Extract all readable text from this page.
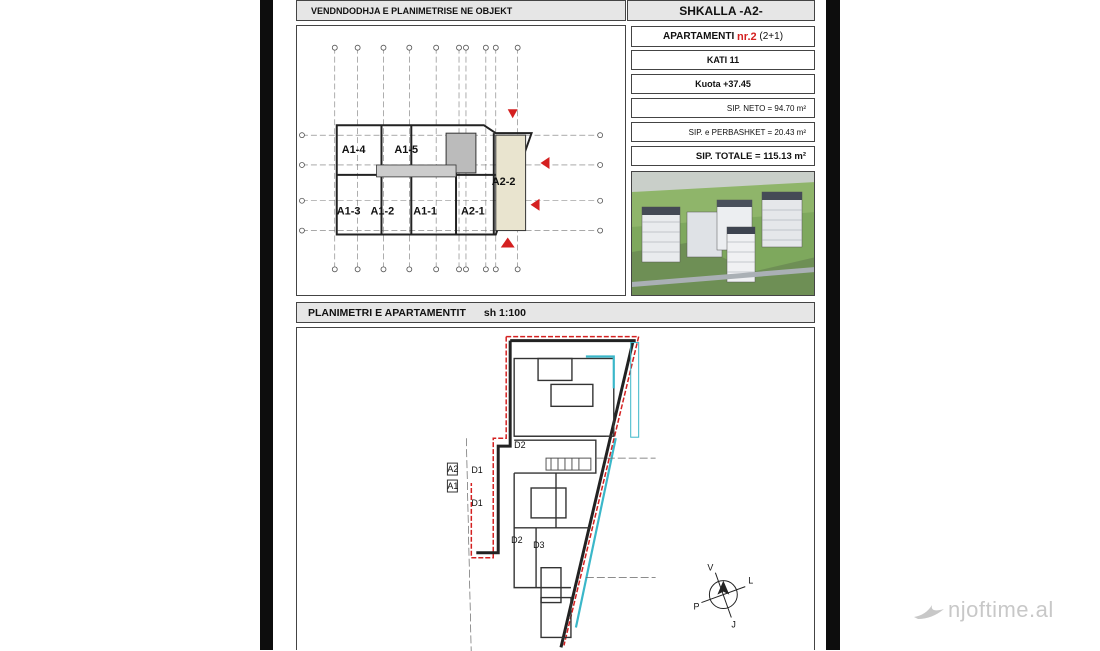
VENDNDODHJA E PLANIMETRISE NE OBJEKT	SHKALLA -A2-
A1-4	A1-5
A2-2
A1-3 A1-2 A1-1 A2-1
APARTAMENTI
nr.2
(2+1)
KATI 11
Kuota +37.45
SIP. NETO = 94.70 m²
SIP. e PERBASHKET = 20.43 m²
SIP. TOTALE = 115.13 m²
PLANIMETRI E APARTAMENTIT sh 1:100
A2
A1
D1
D2
D2 D3
D1
V
L
J
P	njoftime.al
